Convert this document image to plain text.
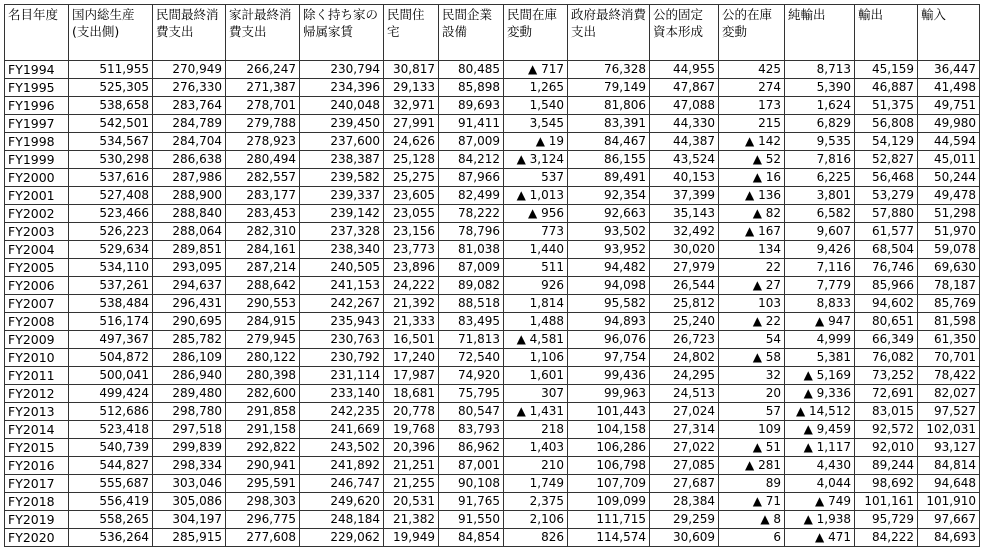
名目年度	国内総生産(支出側)	民間最終消費支出	家計最終消費支出	除く持ち家の帰属家賃	民間住宅	民間企業設備	民間在庫変動	政府最終消費支出	公的固定資本形成	公的在庫変動	純輸出	輸出	輸入
FY1994	511,955	270,949	266,247	230,794	30,817	80,485	▲ 717	76,328	44,955	425	8,713	45,159	36,447
FY1995	525,305	276,330	271,387	234,396	29,133	85,898	1,265	79,149	47,867	274	5,390	46,887	41,498
FY1996	538,658	283,764	278,701	240,048	32,971	89,693	1,540	81,806	47,088	173	1,624	51,375	49,751
FY1997	542,501	284,789	279,788	239,450	27,991	91,411	3,545	83,391	44,330	215	6,829	56,808	49,980
FY1998	534,567	284,704	278,923	237,600	24,626	87,009	▲ 19	84,467	44,387	▲ 142	9,535	54,129	44,594
FY1999	530,298	286,638	280,494	238,387	25,128	84,212	▲ 3,124	86,155	43,524	▲ 52	7,816	52,827	45,011
FY2000	537,616	287,986	282,557	239,582	25,275	87,966	537	89,491	40,153	▲ 16	6,225	56,468	50,244
FY2001	527,408	288,900	283,177	239,337	23,605	82,499	▲ 1,013	92,354	37,399	▲ 136	3,801	53,279	49,478
FY2002	523,466	288,840	283,453	239,142	23,055	78,222	▲ 956	92,663	35,143	▲ 82	6,582	57,880	51,298
FY2003	526,223	288,064	282,310	237,328	23,156	78,796	773	93,502	32,492	▲ 167	9,607	61,577	51,970
FY2004	529,634	289,851	284,161	238,340	23,773	81,038	1,440	93,952	30,020	134	9,426	68,504	59,078
FY2005	534,110	293,095	287,214	240,505	23,896	87,009	511	94,482	27,979	22	7,116	76,746	69,630
FY2006	537,261	294,637	288,642	241,153	24,222	89,082	926	94,098	26,544	▲ 27	7,779	85,966	78,187
FY2007	538,484	296,431	290,553	242,267	21,392	88,518	1,814	95,582	25,812	103	8,833	94,602	85,769
FY2008	516,174	290,695	284,915	235,943	21,333	83,495	1,488	94,893	25,240	▲ 22	▲ 947	80,651	81,598
FY2009	497,367	285,782	279,945	230,763	16,501	71,813	▲ 4,581	96,076	26,723	54	4,999	66,349	61,350
FY2010	504,872	286,109	280,122	230,792	17,240	72,540	1,106	97,754	24,802	▲ 58	5,381	76,082	70,701
FY2011	500,041	286,940	280,398	231,114	17,987	74,920	1,601	99,436	24,295	32	▲ 5,169	73,252	78,422
FY2012	499,424	289,480	282,600	233,140	18,681	75,795	307	99,963	24,513	20	▲ 9,336	72,691	82,027
FY2013	512,686	298,780	291,858	242,235	20,778	80,547	▲ 1,431	101,443	27,024	57	▲ 14,512	83,015	97,527
FY2014	523,418	297,518	291,158	241,669	19,768	83,793	218	104,158	27,314	109	▲ 9,459	92,572	102,031
FY2015	540,739	299,839	292,822	243,502	20,396	86,962	1,403	106,286	27,022	▲ 51	▲ 1,117	92,010	93,127
FY2016	544,827	298,334	290,941	241,892	21,251	87,001	210	106,798	27,085	▲ 281	4,430	89,244	84,814
FY2017	555,687	303,046	295,591	246,747	21,255	90,108	1,749	107,709	27,687	89	4,044	98,692	94,648
FY2018	556,419	305,086	298,303	249,620	20,531	91,765	2,375	109,099	28,384	▲ 71	▲ 749	101,161	101,910
FY2019	558,265	304,197	296,775	248,184	21,382	91,550	2,106	111,715	29,259	▲ 8	▲ 1,938	95,729	97,667
FY2020	536,264	285,915	277,608	229,062	19,949	84,854	826	114,574	30,609	6	▲ 471	84,222	84,693
